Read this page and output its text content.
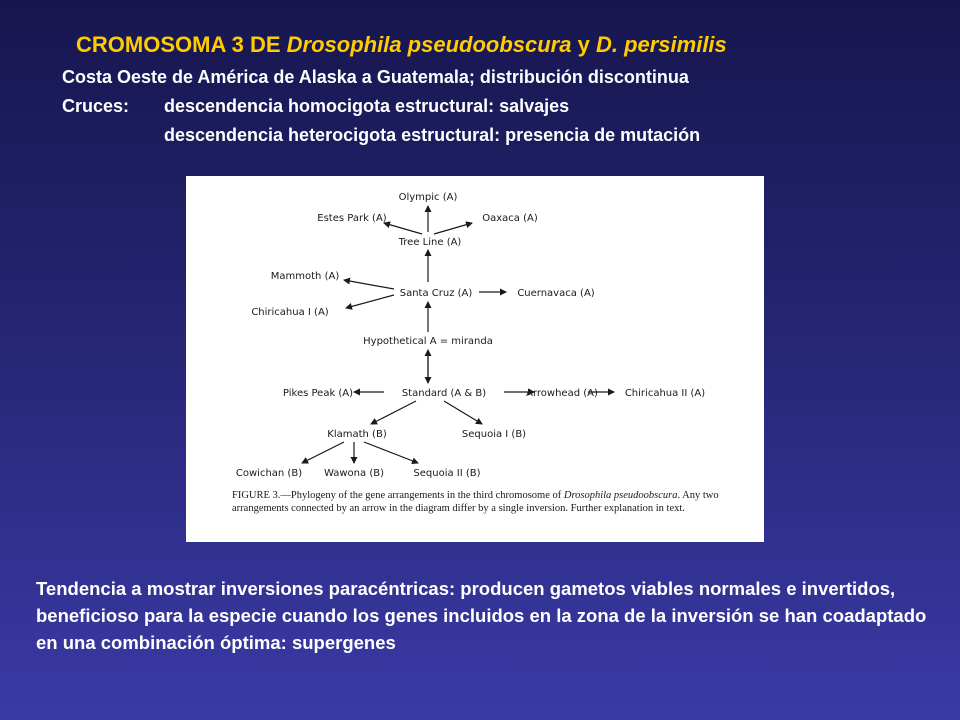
CROMOSOMA 3 DE Drosophila pseudoobscura y D. persimilis
Costa Oeste de América de Alaska a Guatemala; distribución discontinua
Cruces: descendencia homocigota estructural: salvajes
descendencia heterocigota estructural: presencia de mutación
Olympic (A)
Estes Park (A)	Oaxaca (A)
Tree Line (A)
Mammoth (A)
Santa Cruz (A)	Cuernavaca (A)
Chiricahua I (A)
Hypothetical A = miranda
Pikes Peak (A)	Standard (A & B)	Arrowhead (A)	Chiricahua II (A)
Klamath (B)	Sequoia I (B)
Cowichan (B) Wawona (B)	Sequoia II (B)
FIGURE 3.—Phylogeny of the gene arrangements in the third chromosome of Drosophila pseudoobscura. Any two arrangements connected by an arrow in the diagram differ by a single inversion. Further explanation in text.
Tendencia a mostrar inversiones paracéntricas: producen gametos viables normales e invertidos, beneficioso para la especie cuando los genes incluidos en la zona de la inversión se han coadaptado en una combinación óptima: supergenes
